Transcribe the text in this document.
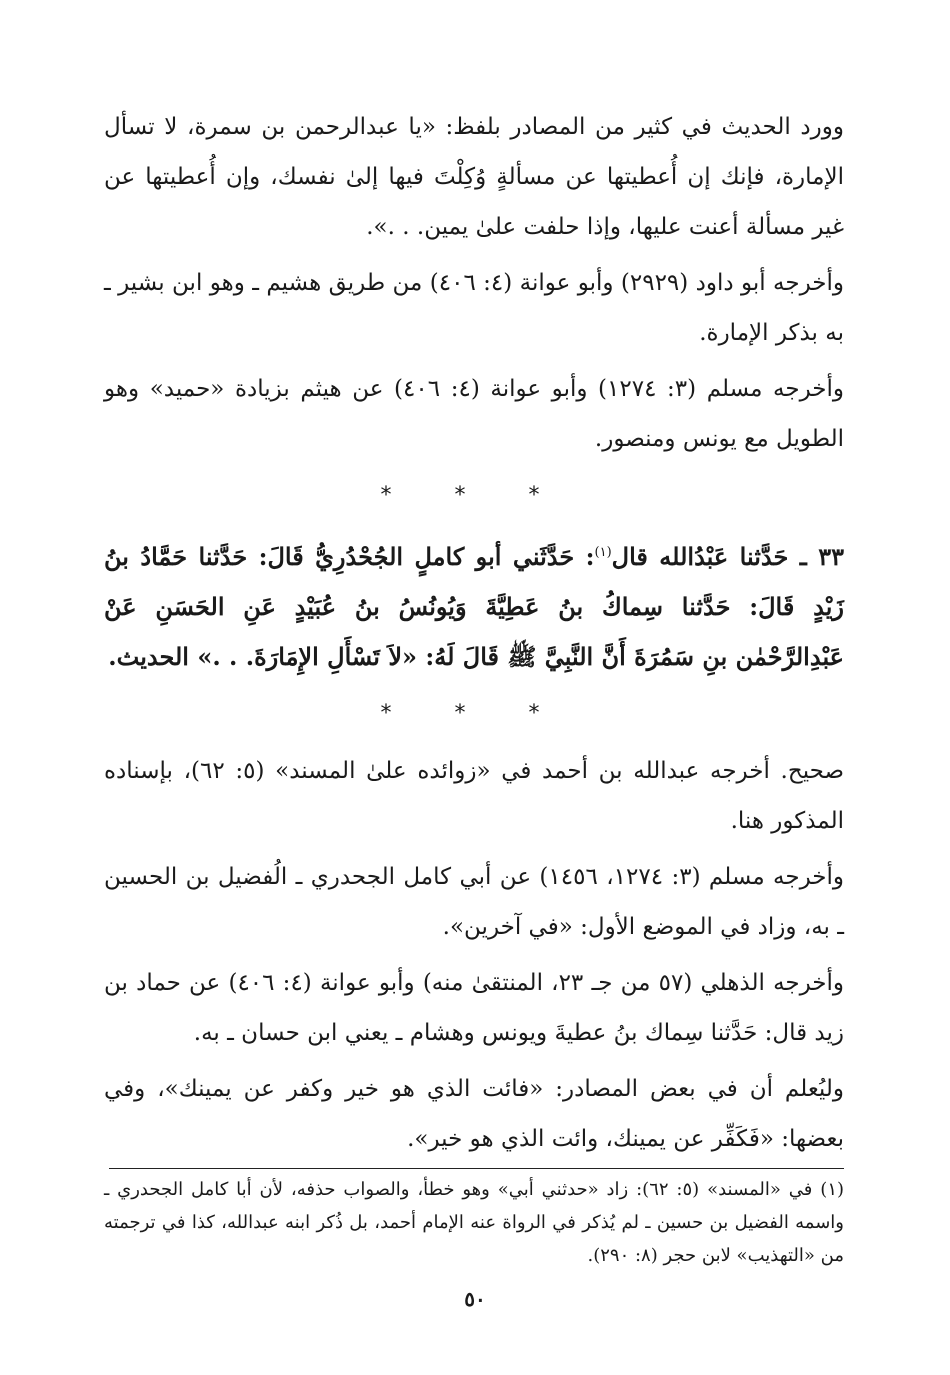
وورد الحديث في كثير من المصادر بلفظ: «يا عبدالرحمن بن سمرة، لا تسأل الإمارة، فإنك إن أُعطيتها عن مسألةٍ وُكِلْتَ فيها إلىٰ نفسك، وإن أُعطيتها عن غير مسألة أعنت عليها، وإذا حلفت علىٰ يمين. . .».

وأخرجه أبو داود (٢٩٢٩) وأبو عوانة (٤: ٤٠٦) من طريق هشيم ـ وهو ابن بشير ـ به بذكر الإمارة.

وأخرجه مسلم (٣: ١٢٧٤) وأبو عوانة (٤: ٤٠٦) عن هيثم بزيادة «حميد» وهو الطويل مع يونس ومنصور.

* * *

٣٣ ـ حَدَّثنا عَبْدُالله قال$^{(١)}$: حَدَّثَني أبو كاملٍ الجُحْدُرِيُّ قَالَ: حَدَّثنا حَمَّادُ بنُ زَيْدٍ قَالَ: حَدَّثنا سِماكُ بنُ عَطِيَّةَ وَيُونُسُ بنُ عُبَيْدٍ عَنِ الحَسَنِ عَنْ عَبْدِالرَّحْمٰن بنِ سَمُرَةَ أَنَّ النَّبِيَّ ﷺ قَالَ لَهُ: «لاَ تَسْأَلِ الإِمَارَةَ. . .» الحديث.

* * *

صحيح. أخرجه عبدالله بن أحمد في «زوائده علىٰ المسند» (٥: ٦٢)، بإسناده المذكور هنا.

وأخرجه مسلم (٣: ١٢٧٤، ١٤٥٦) عن أبي كامل الجحدري ـ الُفضيل بن الحسين ـ به، وزاد في الموضع الأول: «في آخرين».

وأخرجه الذهلي (٥٧ من جـ ٢٣، المنتقىٰ منه) وأبو عوانة (٤: ٤٠٦) عن حماد بن زيد قال: حَدَّثنا سِماك بنُ عطيةَ ويونس وهشام ـ يعني ابن حسان ـ به.

وليُعلم أن في بعض المصادر: «فائت الذي هو خير وكفر عن يمينك»، وفي بعضها: «فَكَفِّر عن يمينك، وائت الذي هو خير».

(١) في «المسند» (٥: ٦٢): زاد «حدثني أبي» وهو خطأ، والصواب حذفه، لأن أبا كامل الجحدري ـ واسمه الفضيل بن حسين ـ لم يُذكر في الرواة عنه الإمام أحمد، بل ذُكر ابنه عبدالله، كذا في ترجمته من «التهذيب» لابن حجر (٨: ٢٩٠).

٥٠
